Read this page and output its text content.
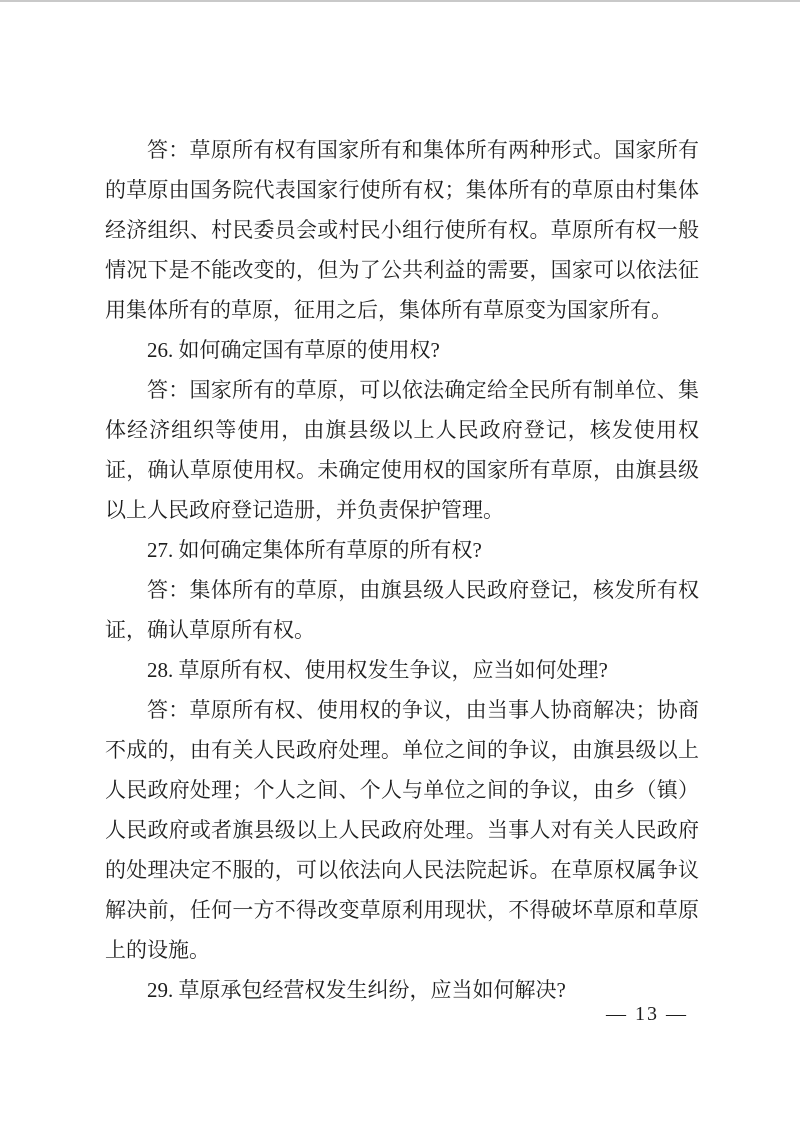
答：草原所有权有国家所有和集体所有两种形式。国家所有的草原由国务院代表国家行使所有权；集体所有的草原由村集体经济组织、村民委员会或村民小组行使所有权。草原所有权一般情况下是不能改变的，但为了公共利益的需要，国家可以依法征用集体所有的草原，征用之后，集体所有草原变为国家所有。

26. 如何确定国有草原的使用权?

答：国家所有的草原，可以依法确定给全民所有制单位、集体经济组织等使用，由旗县级以上人民政府登记，核发使用权证，确认草原使用权。未确定使用权的国家所有草原，由旗县级以上人民政府登记造册，并负责保护管理。

27. 如何确定集体所有草原的所有权?

答：集体所有的草原，由旗县级人民政府登记，核发所有权证，确认草原所有权。

28. 草原所有权、使用权发生争议，应当如何处理?

答：草原所有权、使用权的争议，由当事人协商解决；协商不成的，由有关人民政府处理。单位之间的争议，由旗县级以上人民政府处理；个人之间、个人与单位之间的争议，由乡（镇）人民政府或者旗县级以上人民政府处理。当事人对有关人民政府的处理决定不服的，可以依法向人民法院起诉。在草原权属争议解决前，任何一方不得改变草原利用现状，不得破坏草原和草原上的设施。

29. 草原承包经营权发生纠纷，应当如何解决?

— 13 —
